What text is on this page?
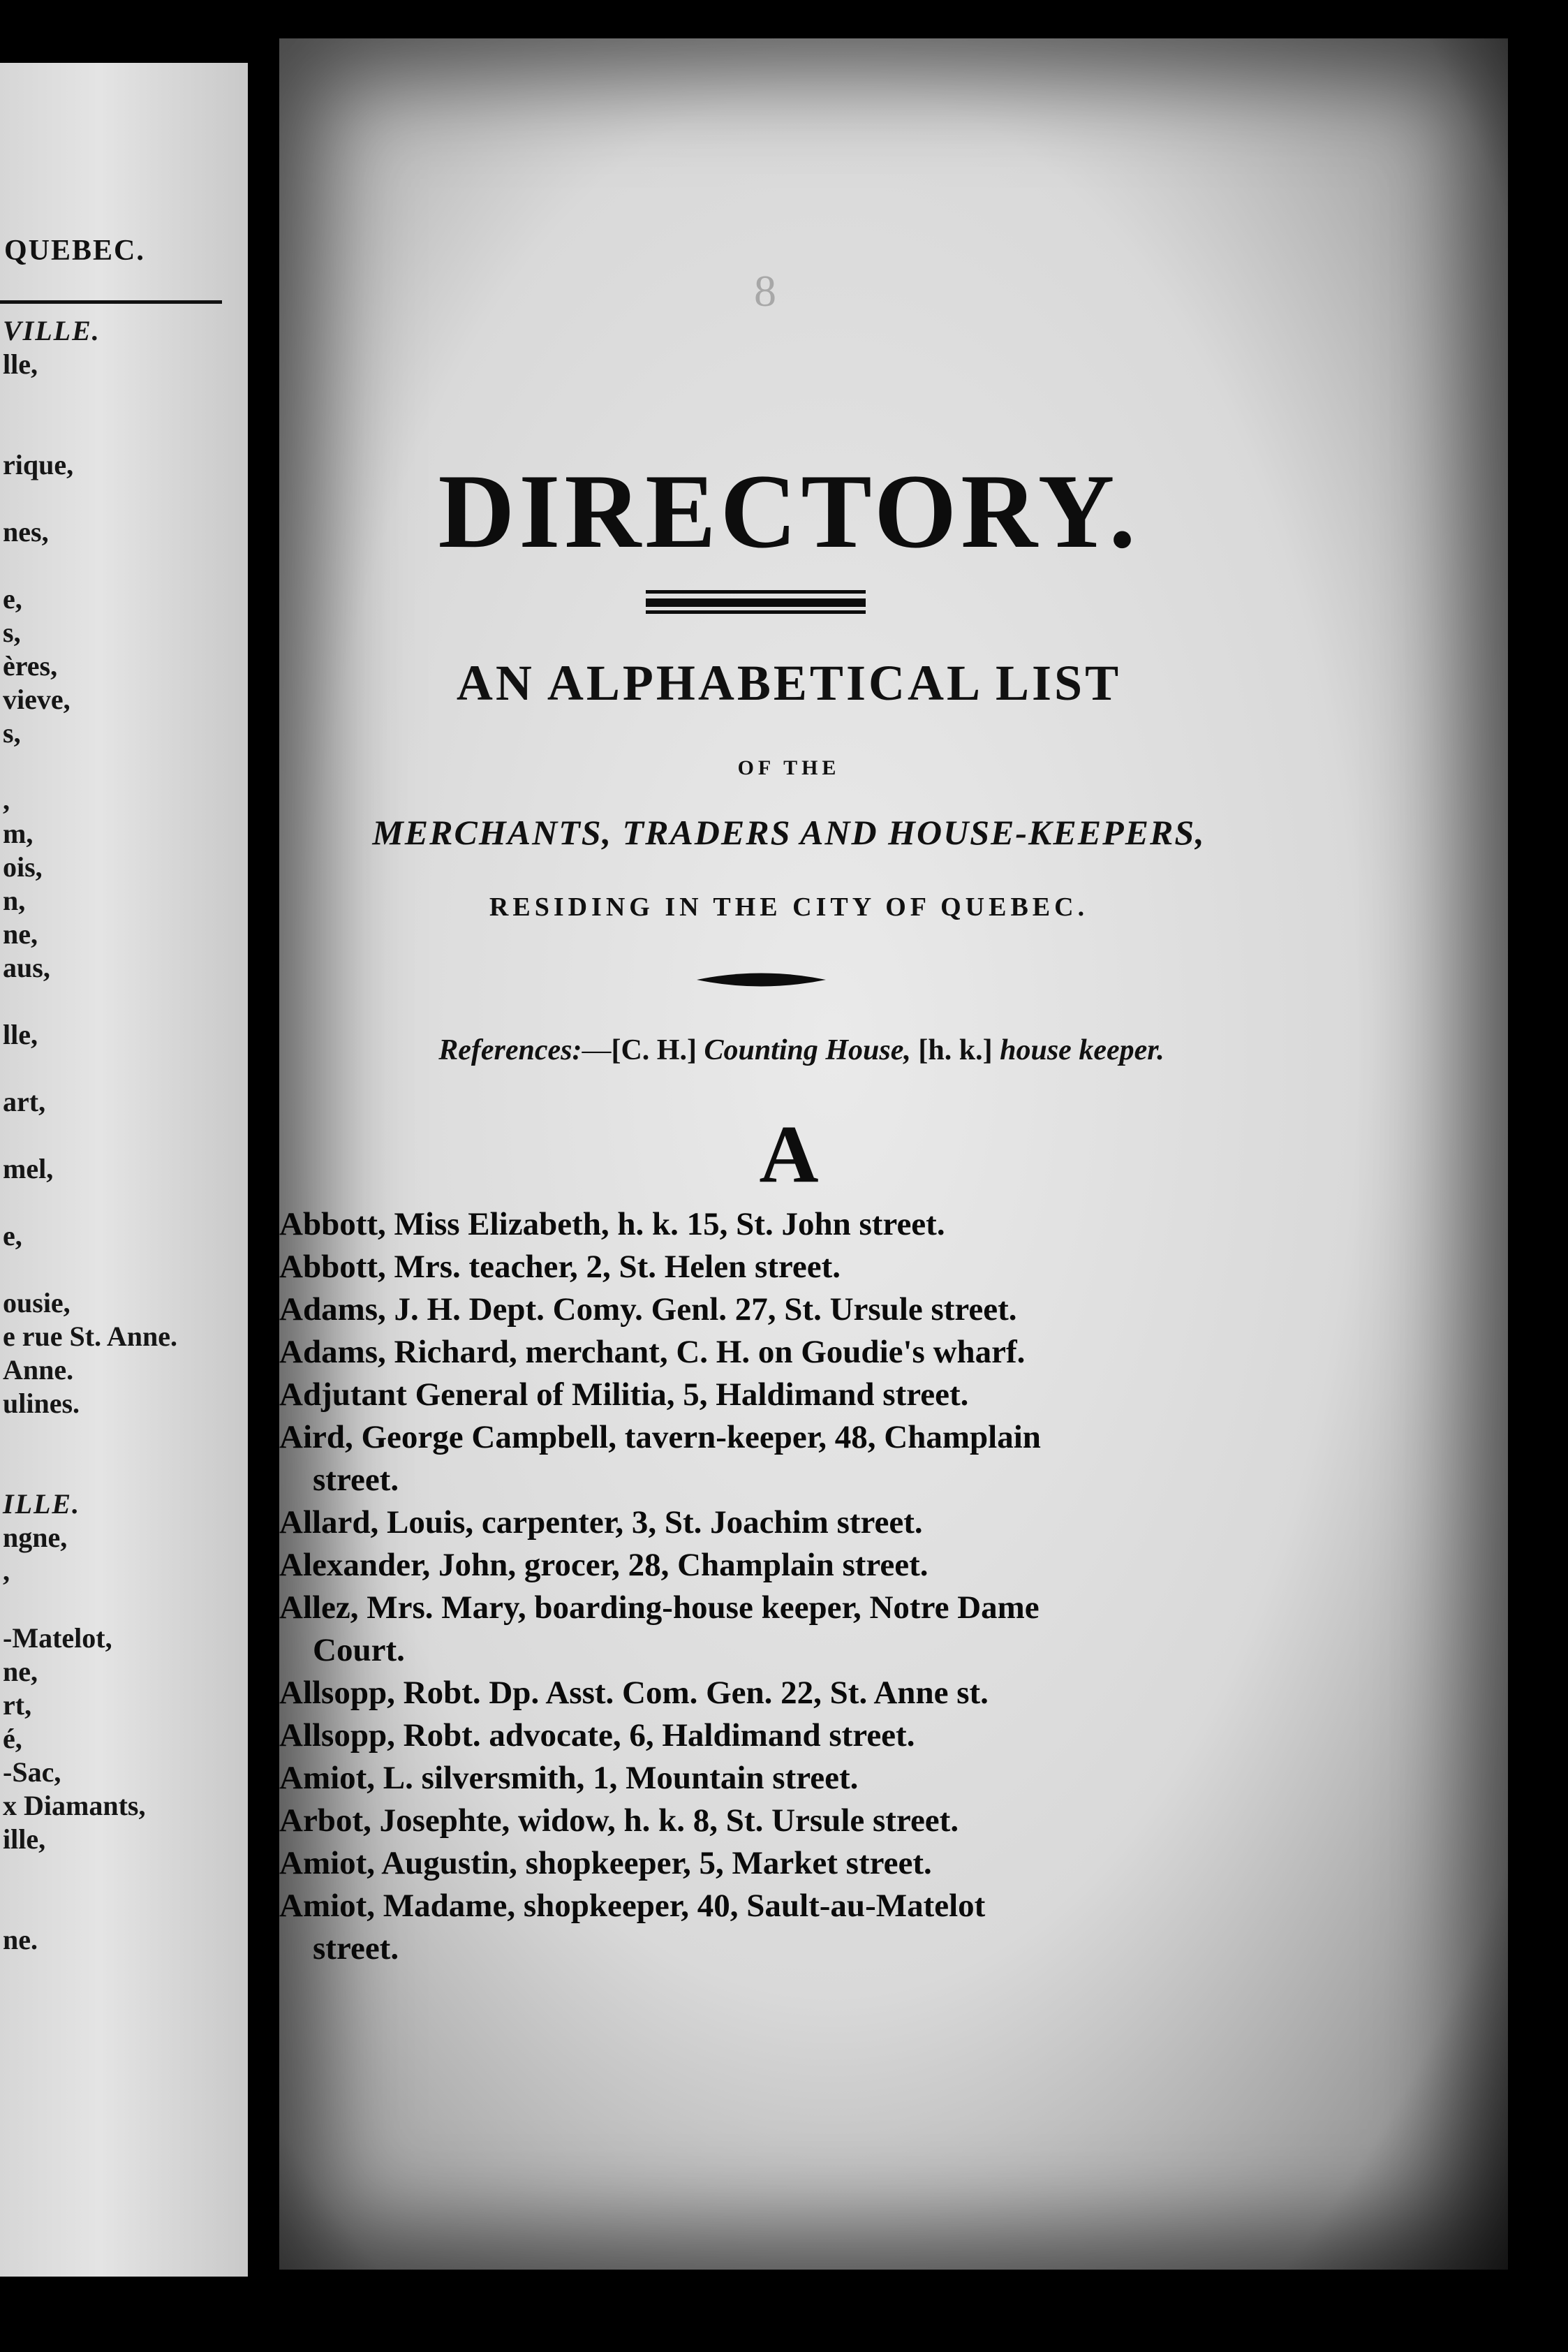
QUEBEC.
VILLE.
lle,
rique,
nes,
e,
s,
ères,
vieve,
s,
,
m,
ois,
n,
ne,
aus,
lle,
art,
mel,
e,
ousie,
e rue St. Anne.
Anne.
ulines.
ILLE.
ngne,
,
-Matelot,
ne,
rt,
é,
-Sac,
x Diamants,
ille,
ne.
8
DIRECTORY.
AN ALPHABETICAL LIST
OF THE
MERCHANTS, TRADERS AND HOUSE-KEEPERS,
RESIDING IN THE CITY OF QUEBEC.
References:—[C. H.] Counting House, [h. k.] house keeper.
A
Abbott, Miss Elizabeth, h. k. 15, St. John street.
Abbott, Mrs. teacher, 2, St. Helen street.
Adams, J. H. Dept. Comy. Genl. 27, St. Ursule street.
Adams, Richard, merchant, C. H. on Goudie's wharf.
Adjutant General of Militia, 5, Haldimand street.
Aird, George Campbell, tavern-keeper, 48, Champlain
street.
Allard, Louis, carpenter, 3, St. Joachim street.
Alexander, John, grocer, 28, Champlain street.
Allez, Mrs. Mary, boarding-house keeper, Notre Dame
Court.
Allsopp, Robt. Dp. Asst. Com. Gen. 22, St. Anne st.
Allsopp, Robt. advocate, 6, Haldimand street.
Amiot, L. silversmith, 1, Mountain street.
Arbot, Josephte, widow, h. k. 8, St. Ursule street.
Amiot, Augustin, shopkeeper, 5, Market street.
Amiot, Madame, shopkeeper, 40, Sault-au-Matelot
street.
